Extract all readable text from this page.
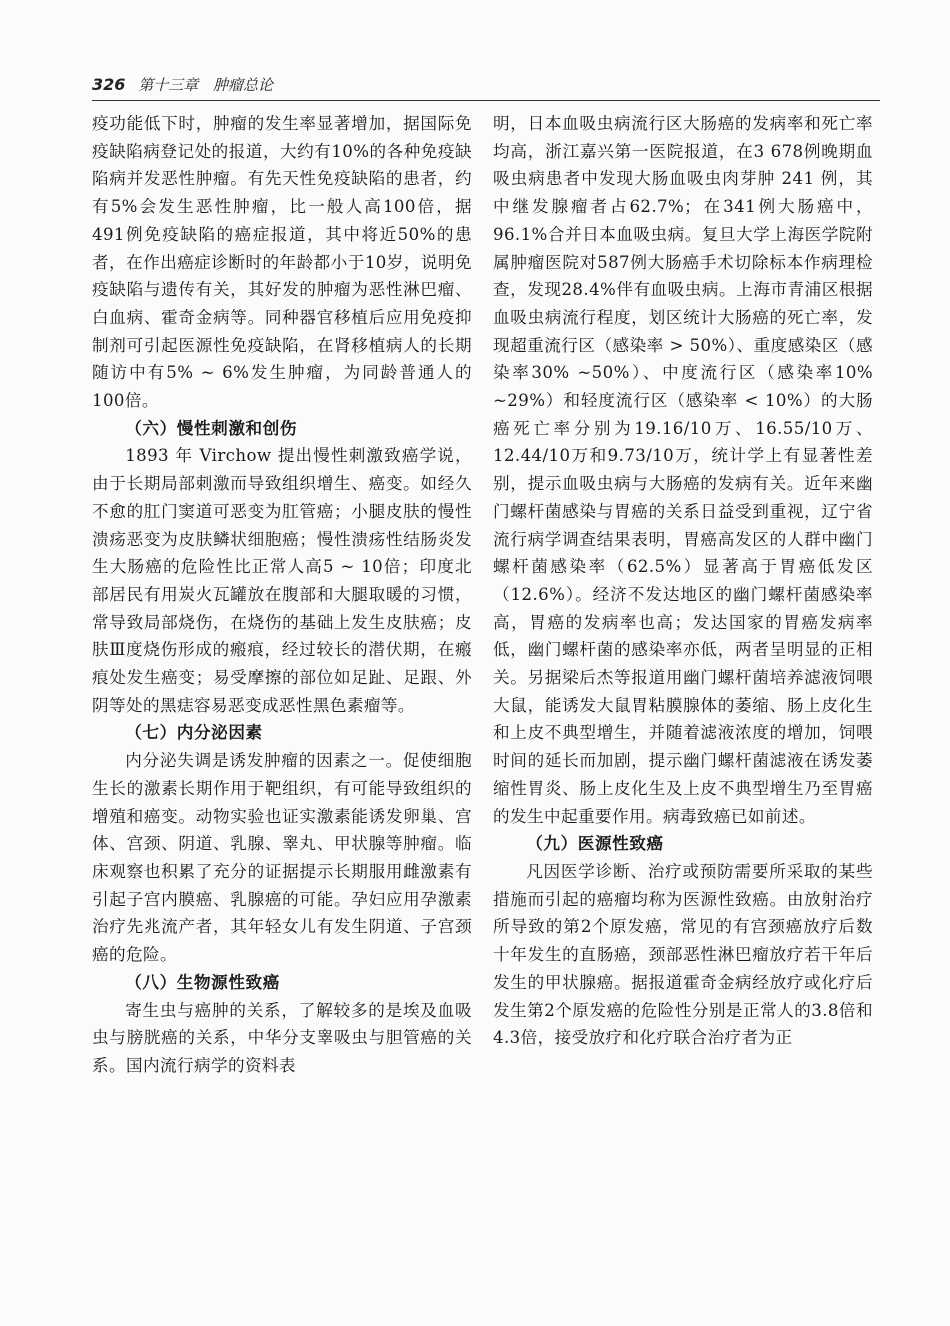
326 第十三章 肿瘤总论

疫功能低下时，肿瘤的发生率显著增加，据国际免疫缺陷病登记处的报道，大约有10%的各种免疫缺陷病并发恶性肿瘤。有先天性免疫缺陷的患者，约有5%会发生恶性肿瘤，比一般人高100倍，据491例免疫缺陷的癌症报道，其中将近50%的患者，在作出癌症诊断时的年龄都小于10岁，说明免疫缺陷与遗传有关，其好发的肿瘤为恶性淋巴瘤、白血病、霍奇金病等。同种器官移植后应用免疫抑制剂可引起医源性免疫缺陷，在肾移植病人的长期随访中有5% ~ 6%发生肿瘤，为同龄普通人的100倍。

（六）慢性刺激和创伤

1893 年 Virchow 提出慢性刺激致癌学说，由于长期局部刺激而导致组织增生、癌变。如经久不愈的肛门窦道可恶变为肛管癌；小腿皮肤的慢性溃疡恶变为皮肤鳞状细胞癌；慢性溃疡性结肠炎发生大肠癌的危险性比正常人高5 ~ 10倍；印度北部居民有用炭火瓦罐放在腹部和大腿取暖的习惯，常导致局部烧伤，在烧伤的基础上发生皮肤癌；皮肤Ⅲ度烧伤形成的瘢痕，经过较长的潜伏期，在瘢痕处发生癌变；易受摩擦的部位如足趾、足跟、外阴等处的黑痣容易恶变成恶性黑色素瘤等。

（七）内分泌因素

内分泌失调是诱发肿瘤的因素之一。促使细胞生长的激素长期作用于靶组织，有可能导致组织的增殖和癌变。动物实验也证实激素能诱发卵巢、宫体、宫颈、阴道、乳腺、睾丸、甲状腺等肿瘤。临床观察也积累了充分的证据提示长期服用雌激素有引起子宫内膜癌、乳腺癌的可能。孕妇应用孕激素治疗先兆流产者，其年轻女儿有发生阴道、子宫颈癌的危险。

（八）生物源性致癌

寄生虫与癌肿的关系，了解较多的是埃及血吸虫与膀胱癌的关系，中华分支睾吸虫与胆管癌的关系。国内流行病学的资料表

明，日本血吸虫病流行区大肠癌的发病率和死亡率均高，浙江嘉兴第一医院报道，在3 678例晚期血吸虫病患者中发现大肠血吸虫肉芽肿 241 例，其中继发腺瘤者占62.7%；在341例大肠癌中，96.1%合并日本血吸虫病。复旦大学上海医学院附属肿瘤医院对587例大肠癌手术切除标本作病理检查，发现28.4%伴有血吸虫病。上海市青浦区根据血吸虫病流行程度，划区统计大肠癌的死亡率，发现超重流行区（感染率 > 50%）、重度感染区（感染率30% ~50%）、中度流行区（感染率10% ~29%）和轻度流行区（感染率 < 10%）的大肠癌死亡率分别为19.16/10万、16.55/10万、12.44/10万和9.73/10万，统计学上有显著性差别，提示血吸虫病与大肠癌的发病有关。近年来幽门螺杆菌感染与胃癌的关系日益受到重视，辽宁省流行病学调查结果表明，胃癌高发区的人群中幽门螺杆菌感染率（62.5%）显著高于胃癌低发区（12.6%）。经济不发达地区的幽门螺杆菌感染率高，胃癌的发病率也高；发达国家的胃癌发病率低，幽门螺杆菌的感染率亦低，两者呈明显的正相关。另据梁后杰等报道用幽门螺杆菌培养滤液饲喂大鼠，能诱发大鼠胃粘膜腺体的萎缩、肠上皮化生和上皮不典型增生，并随着滤液浓度的增加，饲喂时间的延长而加剧，提示幽门螺杆菌滤液在诱发萎缩性胃炎、肠上皮化生及上皮不典型增生乃至胃癌的发生中起重要作用。病毒致癌已如前述。

（九）医源性致癌

凡因医学诊断、治疗或预防需要所采取的某些措施而引起的癌瘤均称为医源性致癌。由放射治疗所导致的第2个原发癌，常见的有宫颈癌放疗后数十年发生的直肠癌，颈部恶性淋巴瘤放疗若干年后发生的甲状腺癌。据报道霍奇金病经放疗或化疗后发生第2个原发癌的危险性分别是正常人的3.8倍和4.3倍，接受放疗和化疗联合治疗者为正
